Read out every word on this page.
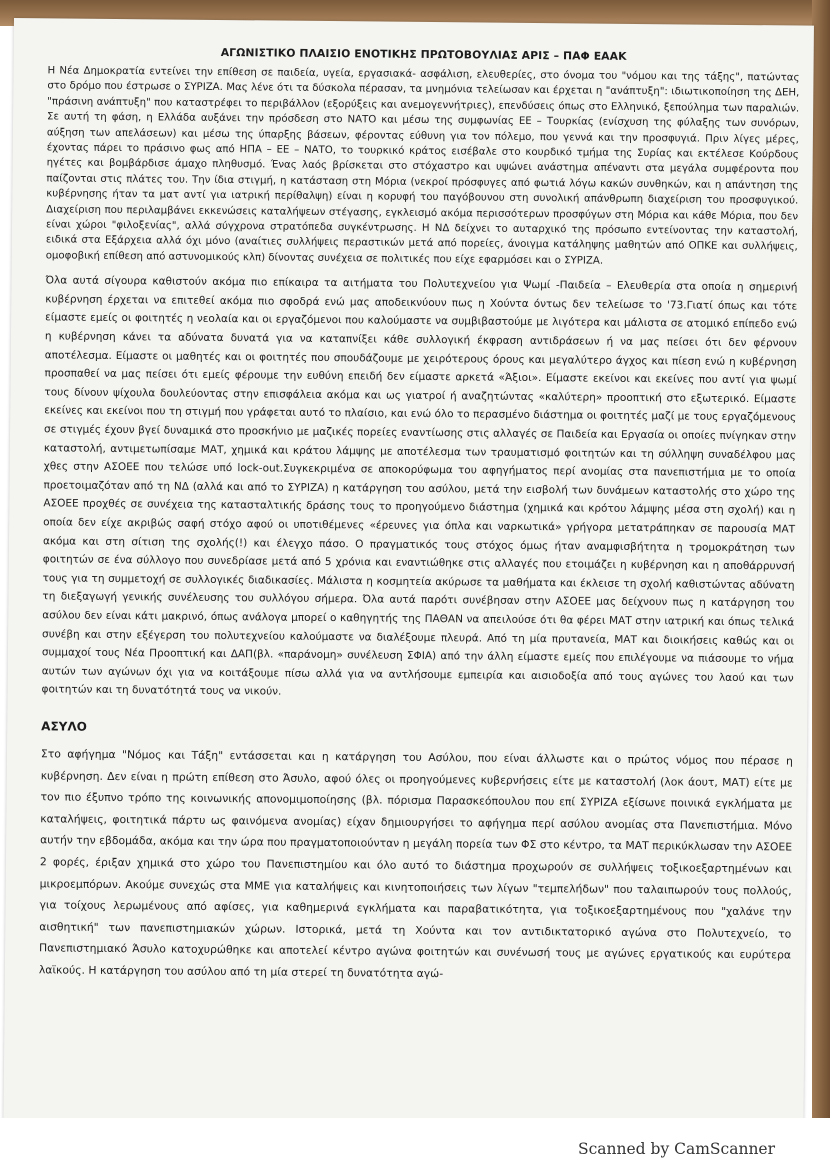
ΑΓΩΝΙΣΤΙΚΟ ΠΛΑΙΣΙΟ ΕΝΟΤΙΚΗΣ ΠΡΩΤΟΒΟΥΛΙΑΣ ΑΡΙΣ – ΠΑΦ ΕΑΑΚ

Η Νέα Δημοκρατία εντείνει την επίθεση σε παιδεία, υγεία, εργασιακά- ασφάλιση, ελευθερίες, στο όνομα του "νόμου και της τάξης", πατώντας στο δρόμο που έστρωσε ο ΣΥΡΙΖΑ. Μας λένε ότι τα δύσκολα πέρασαν, τα μνημόνια τελείωσαν και έρχεται η "ανάπτυξη": ιδιωτικοποίηση της ΔΕΗ, "πράσινη ανάπτυξη" που καταστρέφει το περιβάλλον (εξορύξεις και ανεμογεννήτριες), επενδύσεις όπως στο Ελληνικό, ξεπούλημα των παραλιών. Σε αυτή τη φάση, η Ελλάδα αυξάνει την πρόσδεση στο ΝΑΤΟ και μέσω της συμφωνίας ΕΕ – Τουρκίας (ενίσχυση της φύλαξης των συνόρων, αύξηση των απελάσεων) και μέσω της ύπαρξης βάσεων, φέροντας εύθυνη για τον πόλεμο, που γεννά και την προσφυγιά. Πριν λίγες μέρες, έχοντας πάρει το πράσινο φως από ΗΠΑ – ΕΕ – ΝΑΤΟ, το τουρκικό κράτος εισέβαλε στο κουρδικό τμήμα της Συρίας και εκτέλεσε Κούρδους ηγέτες και βομβάρδισε άμαχο πληθυσμό. Ένας λαός βρίσκεται στο στόχαστρο και υψώνει ανάστημα απέναντι στα μεγάλα συμφέροντα που παίζονται στις πλάτες του. Την ίδια στιγμή, η κατάσταση στη Μόρια (νεκροί πρόσφυγες από φωτιά λόγω κακών συνθηκών, και η απάντηση της κυβέρνησης ήταν τα ματ αντί για ιατρική περίθαλψη) είναι η κορυφή του παγόβουνου στη συνολική απάνθρωπη διαχείριση του προσφυγικού. Διαχείριση που περιλαμβάνει εκκενώσεις καταλήψεων στέγασης, εγκλεισμό ακόμα περισσότερων προσφύγων στη Μόρια και κάθε Μόρια, που δεν είναι χώροι "φιλοξενίας", αλλά σύγχρονα στρατόπεδα συγκέντρωσης. Η ΝΔ δείχνει το αυταρχικό της πρόσωπο εντείνοντας την καταστολή, ειδικά στα Εξάρχεια αλλά όχι μόνο (αναίτιες συλλήψεις περαστικών μετά από πορείες, άνοιγμα κατάληψης μαθητών από ΟΠΚΕ και συλλήψεις, ομοφοβική επίθεση από αστυνομικούς κλπ) δίνοντας συνέχεια σε πολιτικές που είχε εφαρμόσει και ο ΣΥΡΙΖΑ.

Όλα αυτά σίγουρα καθιστούν ακόμα πιο επίκαιρα τα αιτήματα του Πολυτεχνείου για Ψωμί -Παιδεία – Ελευθερία στα οποία η σημερινή κυβέρνηση έρχεται να επιτεθεί ακόμα πιο σφοδρά ενώ μας αποδεικνύουν πως η Χούντα όντως δεν τελείωσε το '73.Γιατί όπως και τότε είμαστε εμείς οι φοιτητές η νεολαία και οι εργαζόμενοι που καλούμαστε να συμβιβαστούμε με λιγότερα και μάλιστα σε ατομικό επίπεδο ενώ η κυβέρνηση κάνει τα αδύνατα δυνατά για να καταπνίξει κάθε συλλογική έκφραση αντιδράσεων ή να μας πείσει ότι δεν φέρνουν αποτέλεσμα. Είμαστε οι μαθητές και οι φοιτητές που σπουδάζουμε με χειρότερους όρους και μεγαλύτερο άγχος και πίεση ενώ η κυβέρνηση προσπαθεί να μας πείσει ότι εμείς φέρουμε την ευθύνη επειδή δεν είμαστε αρκετά «Άξιοι». Είμαστε εκείνοι και εκείνες που αντί για ψωμί τους δίνουν ψίχουλα δουλεύοντας στην επισφάλεια ακόμα και ως γιατροί ή αναζητώντας «καλύτερη» προοπτική στο εξωτερικό. Είμαστε εκείνες και εκείνοι που τη στιγμή που γράφεται αυτό το πλαίσιο, και ενώ όλο το περασμένο διάστημα οι φοιτητές μαζί με τους εργαζόμενους σε στιγμές έχουν βγεί δυναμικά στο προσκήνιο με μαζικές πορείες εναντίωσης στις αλλαγές σε Παιδεία και Εργασία οι οποίες πνίγηκαν στην καταστολή, αντιμετωπίσαμε ΜΑΤ, χημικά και κράτου λάμψης με αποτέλεσμα των τραυματισμό φοιτητών και τη σύλληψη συναδέλφου μας χθες στην ΑΣΟΕΕ που τελώσε υπό lock-out.Συγκεκριμένα σε αποκορύφωμα του αφηγήματος περί ανομίας στα πανεπιστήμια με το οποία προετοιμαζόταν από τη ΝΔ (αλλά και από το ΣΥΡΙΖΑ) η κατάργηση του ασύλου, μετά την εισβολή των δυνάμεων καταστολής στο χώρο της ΑΣΟΕΕ προχθές σε συνέχεια της κατασταλτικής δράσης τους το προηγούμενο διάστημα (χημικά και κρότου λάμψης μέσα στη σχολή) και η οποία δεν είχε ακριβώς σαφή στόχο αφού οι υποτιθέμενες «έρευνες για όπλα και ναρκωτικά» γρήγορα μετατράπηκαν σε παρουσία ΜΑΤ ακόμα και στη σίτιση της σχολής(!) και έλεγχο πάσο. Ο πραγματικός τους στόχος όμως ήταν αναμφισβήτητα η τρομοκράτηση των φοιτητών σε ένα σύλλογο που συνεδρίασε μετά από 5 χρόνια και εναντιώθηκε στις αλλαγές που ετοιμάζει η κυβέρνηση και η αποθάρρυνσή τους για τη συμμετοχή σε συλλογικές διαδικασίες. Μάλιστα η κοσμητεία ακύρωσε τα μαθήματα και έκλεισε τη σχολή καθιστώντας αδύνατη τη διεξαγωγή γενικής συνέλευσης του συλλόγου σήμερα. Όλα αυτά παρότι συνέβησαν στην ΑΣΟΕΕ μας δείχνουν πως η κατάργηση του ασύλου δεν είναι κάτι μακρινό, όπως ανάλογα μπορεί ο καθηγητής της ΠΑΘΑΝ να απειλούσε ότι θα φέρει ΜΑΤ στην ιατρική και όπως τελικά συνέβη και στην εξέγερση του πολυτεχνείου καλούμαστε να διαλέξουμε πλευρά. Από τη μία πρυτανεία, ΜΑΤ και διοικήσεις καθώς και οι συμμαχοί τους Νέα Προοπτική και ΔΑΠ(βλ. «παράνομη» συνέλευση ΣΦΙΑ) από την άλλη είμαστε εμείς που επιλέγουμε να πιάσουμε το νήμα αυτών των αγώνων όχι για να κοιτάξουμε πίσω αλλά για να αντλήσουμε εμπειρία και αισιοδοξία από τους αγώνες του λαού και των φοιτητών και τη δυνατότητά τους να νικούν.

ΑΣΥΛΟ

Στο αφήγημα "Νόμος και Τάξη" εντάσσεται και η κατάργηση του Ασύλου, που είναι άλλωστε και ο πρώτος νόμος που πέρασε η κυβέρνηση. Δεν είναι η πρώτη επίθεση στο Άσυλο, αφού όλες οι προηγούμενες κυβερνήσεις είτε με καταστολή (λοκ άουτ, ΜΑΤ) είτε με τον πιο έξυπνο τρόπο της κοινωνικής απονομιμοποίησης (βλ. πόρισμα Παρασκεόπουλου που επί ΣΥΡΙΖΑ εξίσωνε ποινικά εγκλήματα με καταλήψεις, φοιτητικά πάρτυ ως φαινόμενα ανομίας) είχαν δημιουργήσει το αφήγημα περί ασύλου ανομίας στα Πανεπιστήμια. Μόνο αυτήν την εβδομάδα, ακόμα και την ώρα που πραγματοποιούνταν η μεγάλη πορεία των ΦΣ στο κέντρο, τα ΜΑΤ περικύκλωσαν την ΑΣΟΕΕ 2 φορές, έριξαν χημικά στο χώρο του Πανεπιστημίου και όλο αυτό το διάστημα προχωρούν σε συλλήψεις τοξικοεξαρτημένων και μικροεμπόρων. Ακούμε συνεχώς στα ΜΜΕ για καταλήψεις και κινητοποιήσεις των λίγων "τεμπελήδων" που ταλαιπωρούν τους πολλούς, για τοίχους λερωμένους από αφίσες, για καθημερινά εγκλήματα και παραβατικότητα, για τοξικοεξαρτημένους που "χαλάνε την αισθητική" των πανεπιστημιακών χώρων. Ιστορικά, μετά τη Χούντα και τον αντιδικτατορικό αγώνα στο Πολυτεχνείο, το Πανεπιστημιακό Άσυλο κατοχυρώθηκε και αποτελεί κέντρο αγώνα φοιτητών και συνένωσή τους με αγώνες εργατικούς και ευρύτερα λαϊκούς. Η κατάργηση του ασύλου από τη μία στερεί τη δυνατότητα αγώ-

Scanned by CamScanner
